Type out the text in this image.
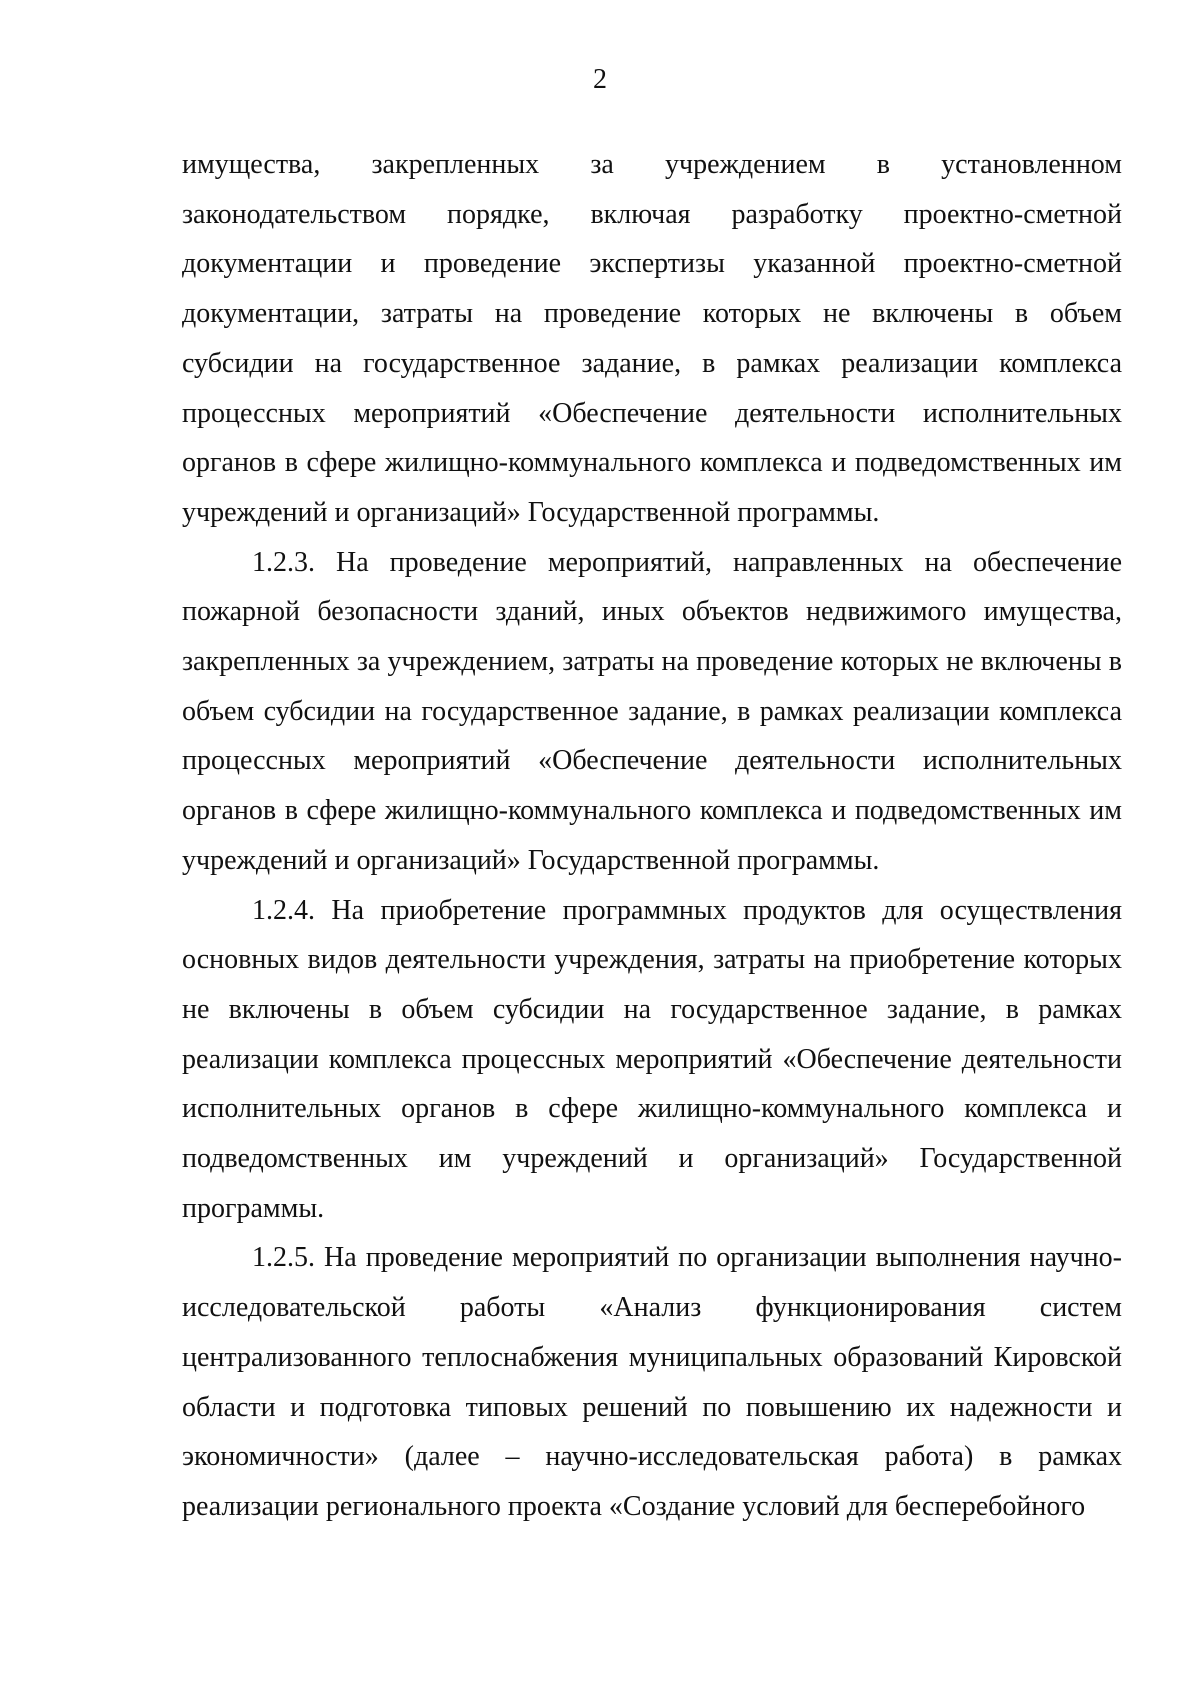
2

имущества, закрепленных за учреждением в установленном законодательством порядке, включая разработку проектно-сметной документации и проведение экспертизы указанной проектно-сметной документации, затраты на проведение которых не включены в объем субсидии на государственное задание, в рамках реализации комплекса процессных мероприятий «Обеспечение деятельности исполнительных органов в сфере жилищно-коммунального комплекса и подведомственных им учреждений и организаций» Государственной программы.

1.2.3. На проведение мероприятий, направленных на обеспечение пожарной безопасности зданий, иных объектов недвижимого имущества, закрепленных за учреждением, затраты на проведение которых не включены в объем субсидии на государственное задание, в рамках реализации комплекса процессных мероприятий «Обеспечение деятельности исполнительных органов в сфере жилищно-коммунального комплекса и подведомственных им учреждений и организаций» Государственной программы.

1.2.4. На приобретение программных продуктов для осуществления основных видов деятельности учреждения, затраты на приобретение которых не включены в объем субсидии на государственное задание, в рамках реализации комплекса процессных мероприятий «Обеспечение деятельности исполнительных органов в сфере жилищно-коммунального комплекса и подведомственных им учреждений и организаций» Государственной программы.

1.2.5. На проведение мероприятий по организации выполнения научно-исследовательской работы «Анализ функционирования систем централизованного теплоснабжения муниципальных образований Кировской области и подготовка типовых решений по повышению их надежности и экономичности» (далее – научно-исследовательская работа) в рамках реализации регионального проекта «Создание условий для бесперебойного
